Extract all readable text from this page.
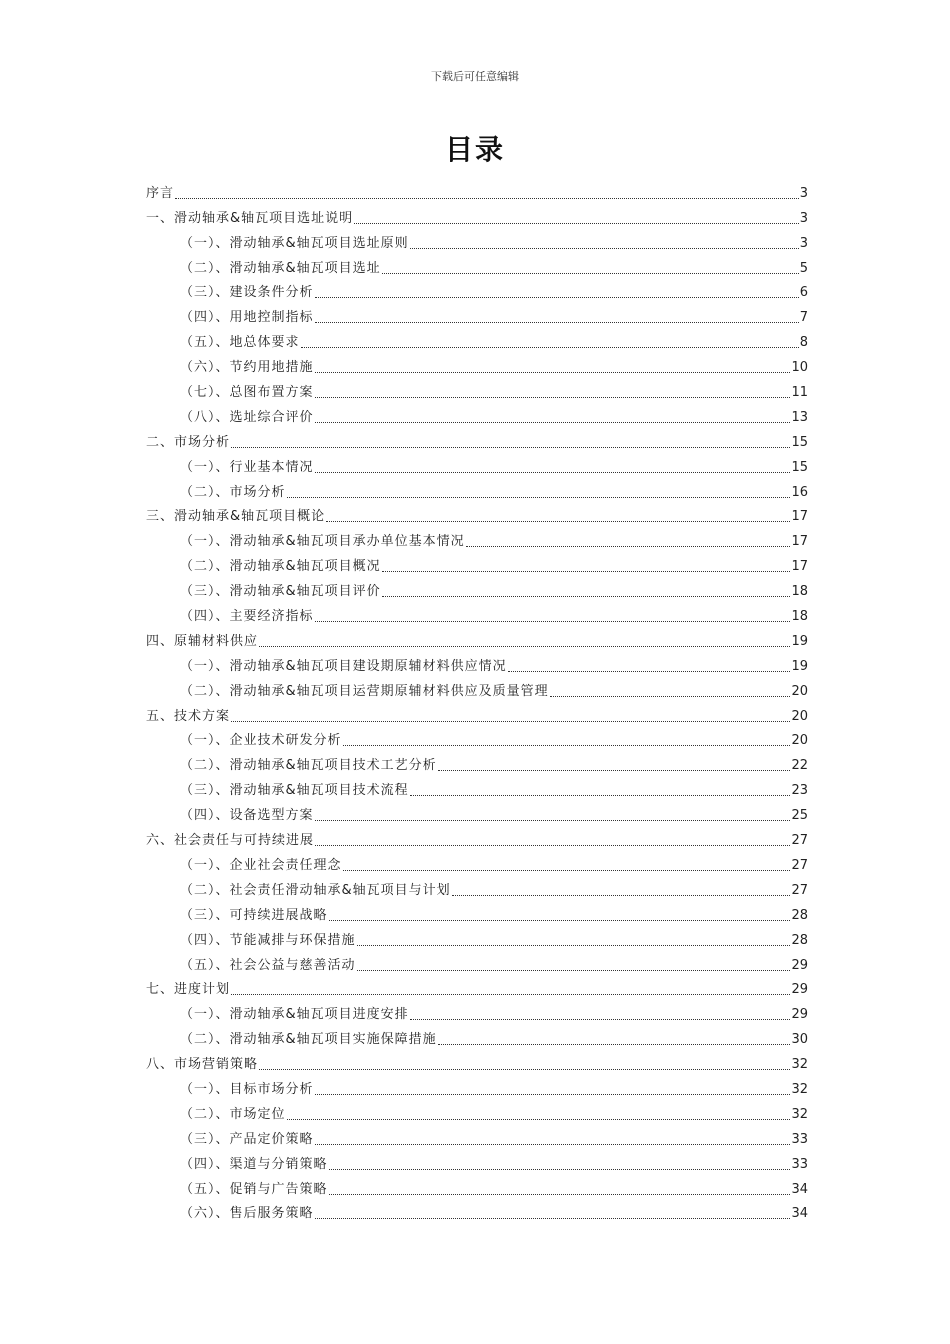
下载后可任意编辑
目录
序言	3
一、滑动轴承&轴瓦项目选址说明	3
（一）、滑动轴承&轴瓦项目选址原则	3
（二）、滑动轴承&轴瓦项目选址	5
（三）、建设条件分析	6
（四）、用地控制指标	7
（五）、地总体要求	8
（六）、节约用地措施	10
（七）、总图布置方案	11
（八）、选址综合评价	13
二、市场分析	15
（一）、行业基本情况	15
（二）、市场分析	16
三、滑动轴承&轴瓦项目概论	17
（一）、滑动轴承&轴瓦项目承办单位基本情况	17
（二）、滑动轴承&轴瓦项目概况	17
（三）、滑动轴承&轴瓦项目评价	18
（四）、主要经济指标	18
四、原辅材料供应	19
（一）、滑动轴承&轴瓦项目建设期原辅材料供应情况	19
（二）、滑动轴承&轴瓦项目运营期原辅材料供应及质量管理	20
五、技术方案	20
（一）、企业技术研发分析	20
（二）、滑动轴承&轴瓦项目技术工艺分析	22
（三）、滑动轴承&轴瓦项目技术流程	23
（四）、设备选型方案	25
六、社会责任与可持续进展	27
（一）、企业社会责任理念	27
（二）、社会责任滑动轴承&轴瓦项目与计划	27
（三）、可持续进展战略	28
（四）、节能减排与环保措施	28
（五）、社会公益与慈善活动	29
七、进度计划	29
（一）、滑动轴承&轴瓦项目进度安排	29
（二）、滑动轴承&轴瓦项目实施保障措施	30
八、市场营销策略	32
（一）、目标市场分析	32
（二）、市场定位	32
（三）、产品定价策略	33
（四）、渠道与分销策略	33
（五）、促销与广告策略	34
（六）、售后服务策略	34
